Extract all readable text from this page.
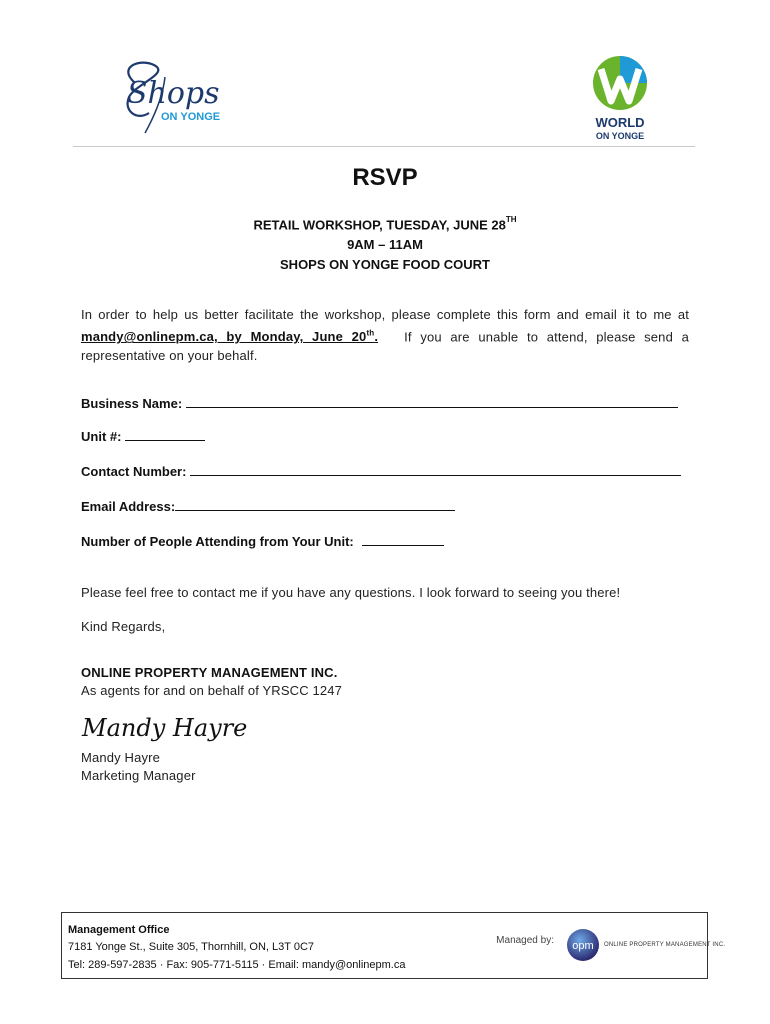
Shops
ON YONGE	WORLD
ON YONGE
RSVP
RETAIL WORKSHOP, TUESDAY, JUNE 28TH
9AM – 11AM
SHOPS ON YONGE FOOD COURT
In order to help us better facilitate the workshop, please complete this form and email it to me at mandy@onlinepm.ca, by Monday, June 20th. If you are unable to attend, please send a representative on your behalf.
Business Name:
Unit #:
Contact Number:
Email Address:
Number of People Attending from Your Unit:
Please feel free to contact me if you have any questions. I look forward to seeing you there!
Kind Regards,
ONLINE PROPERTY MANAGEMENT INC.
As agents for and on behalf of YRSCC 1247
Mandy Hayre
Mandy Hayre
Marketing Manager
Management Office
7181 Yonge St., Suite 305, Thornhill, ON, L3T 0C7
Tel: 289-597-2835 · Fax: 905-771-5115 · Email: mandy@onlinepm.ca
Managed by: opm ONLINE PROPERTY MANAGEMENT INC.
